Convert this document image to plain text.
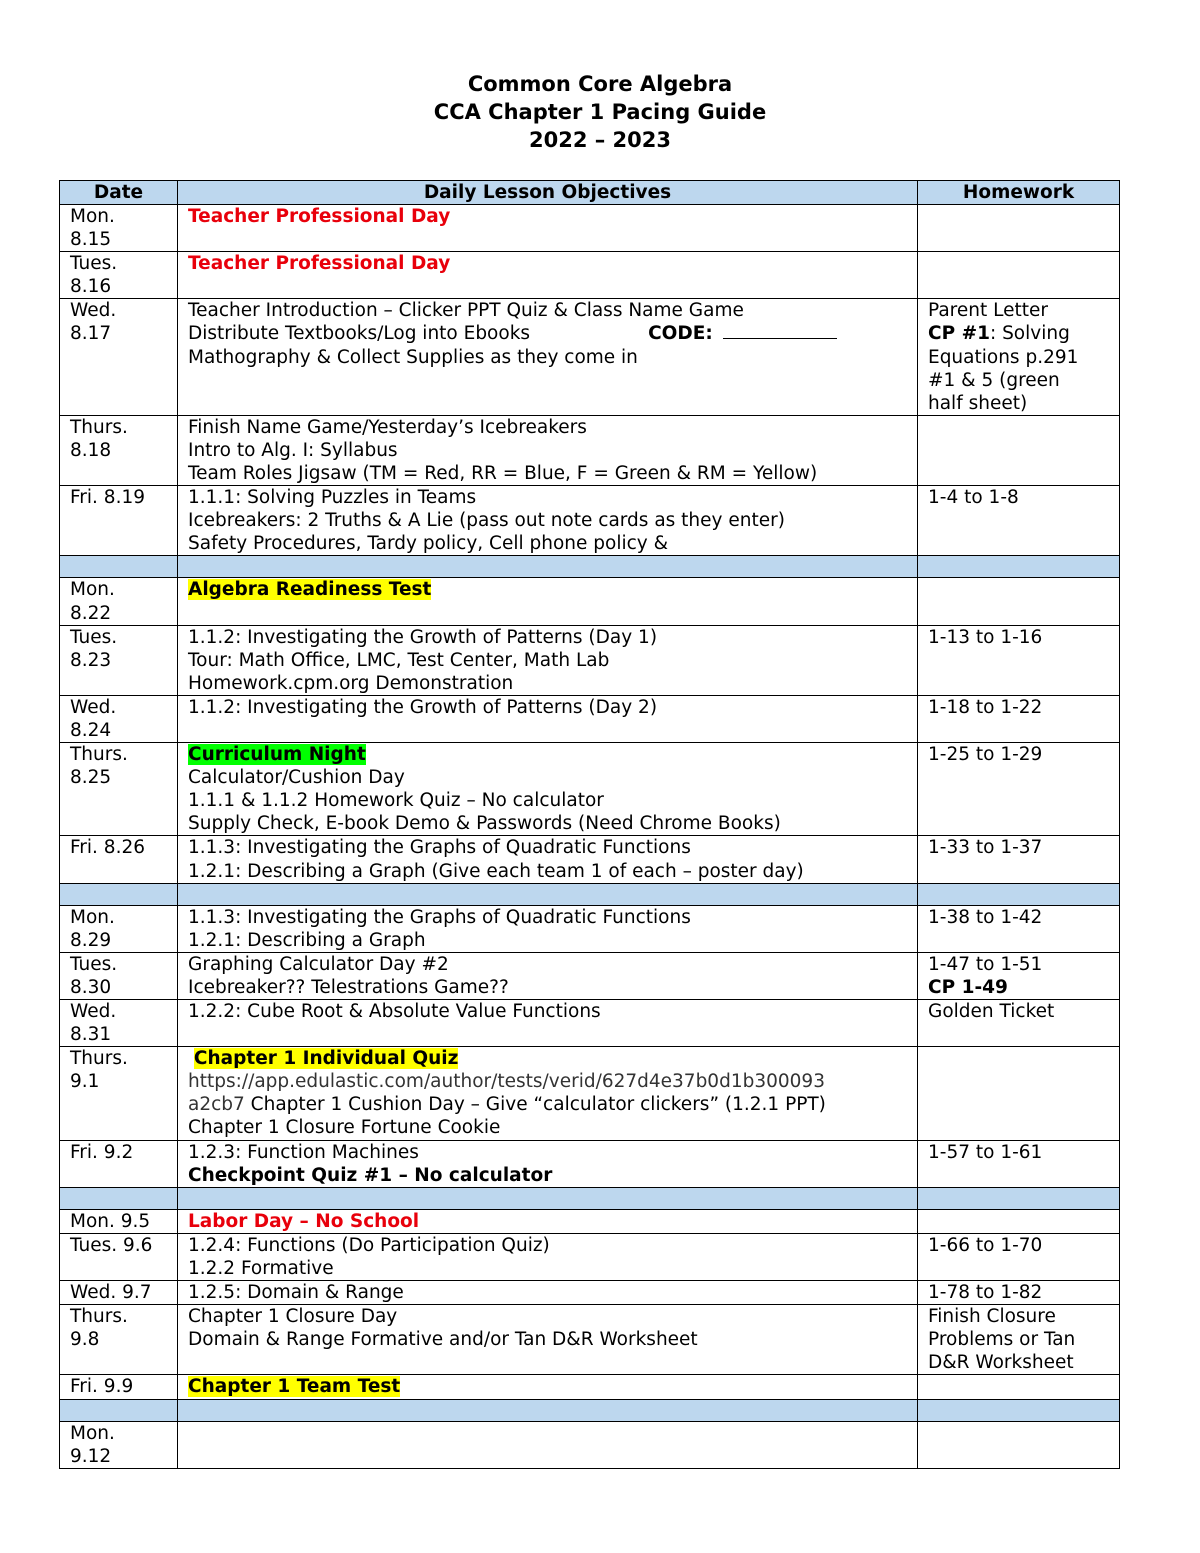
Common Core Algebra
CCA Chapter 1 Pacing Guide
2022 – 2023
Date	Daily Lesson Objectives	Homework

Mon.
8.15	Teacher Professional Day	

Tues.
8.16	Teacher Professional Day	

Wed.
8.17	Teacher Introduction – Clicker PPT Quiz & Class Name Game
Distribute Textbooks/Log into Ebooks CODE:
Mathography & Collect Supplies as they come in	Parent Letter
CP #1: Solving
Equations p.291
#1 & 5 (green
half sheet)

Thurs.
8.18	Finish Name Game/Yesterday’s Icebreakers
Intro to Alg. I: Syllabus
Team Roles Jigsaw (TM = Red, RR = Blue, F = Green & RM = Yellow)	

Fri. 8.19	1.1.1: Solving Puzzles in Teams
Icebreakers: 2 Truths & A Lie (pass out note cards as they enter)
Safety Procedures, Tardy policy, Cell phone policy &	1-4 to 1-8

Mon.
8.22	Algebra Readiness Test	

Tues.
8.23	1.1.2: Investigating the Growth of Patterns (Day 1)
Tour: Math Office, LMC, Test Center, Math Lab
Homework.cpm.org Demonstration	1-13 to 1-16

Wed.
8.24	1.1.2: Investigating the Growth of Patterns (Day 2)	1-18 to 1-22

Thurs.
8.25	Curriculum Night
Calculator/Cushion Day
1.1.1 & 1.1.2 Homework Quiz – No calculator
Supply Check, E-book Demo & Passwords (Need Chrome Books)	1-25 to 1-29

Fri. 8.26	1.1.3: Investigating the Graphs of Quadratic Functions
1.2.1: Describing a Graph (Give each team 1 of each – poster day)	1-33 to 1-37

Mon.
8.29	1.1.3: Investigating the Graphs of Quadratic Functions
1.2.1: Describing a Graph	1-38 to 1-42

Tues.
8.30	Graphing Calculator Day #2
Icebreaker?? Telestrations Game??	1-47 to 1-51
CP 1-49

Wed.
8.31	1.2.2: Cube Root & Absolute Value Functions	Golden Ticket

Thurs.
9.1	Chapter 1 Individual Quiz
https://app.edulastic.com/author/tests/verid/627d4e37b0d1b300093
a2cb7 Chapter 1 Cushion Day – Give “calculator clickers” (1.2.1 PPT)
Chapter 1 Closure Fortune Cookie	

Fri. 9.2	1.2.3: Function Machines
Checkpoint Quiz #1 – No calculator	1-57 to 1-61

Mon. 9.5	Labor Day – No School	

Tues. 9.6	1.2.4: Functions (Do Participation Quiz)
1.2.2 Formative	1-66 to 1-70

Wed. 9.7	1.2.5: Domain & Range	1-78 to 1-82

Thurs.
9.8	Chapter 1 Closure Day
Domain & Range Formative and/or Tan D&R Worksheet	Finish Closure
Problems or Tan
D&R Worksheet

Fri. 9.9	Chapter 1 Team Test	

Mon.
9.12		
